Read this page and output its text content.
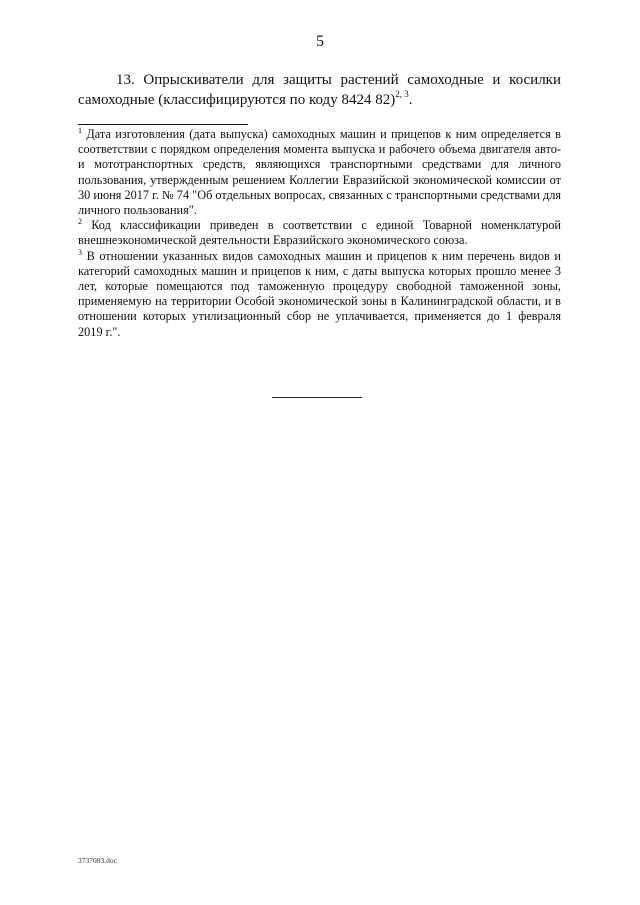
5
13. Опрыскиватели для защиты растений самоходные и косилки самоходные (классифицируются по коду 8424 82)$^{2, 3}$.
$^1$ Дата изготовления (дата выпуска) самоходных машин и прицепов к ним определяется в соответствии с порядком определения момента выпуска и рабочего объема двигателя авто- и мототранспортных средств, являющихся транспортными средствами для личного пользования, утвержденным решением Коллегии Евразийской экономической комиссии от 30 июня 2017 г. № 74 "Об отдельных вопросах, связанных с транспортными средствами для личного пользования".
$^2$ Код классификации приведен в соответствии с единой Товарной номенклатурой внешнеэкономической деятельности Евразийского экономического союза.
$^3$ В отношении указанных видов самоходных машин и прицепов к ним перечень видов и категорий самоходных машин и прицепов к ним, с даты выпуска которых прошло менее 3 лет, которые помещаются под таможенную процедуру свободной таможенной зоны, применяемую на территории Особой экономической зоны в Калининградской области, и в отношении которых утилизационный сбор не уплачивается, применяется до 1 февраля 2019 г.".
3737083.doc
